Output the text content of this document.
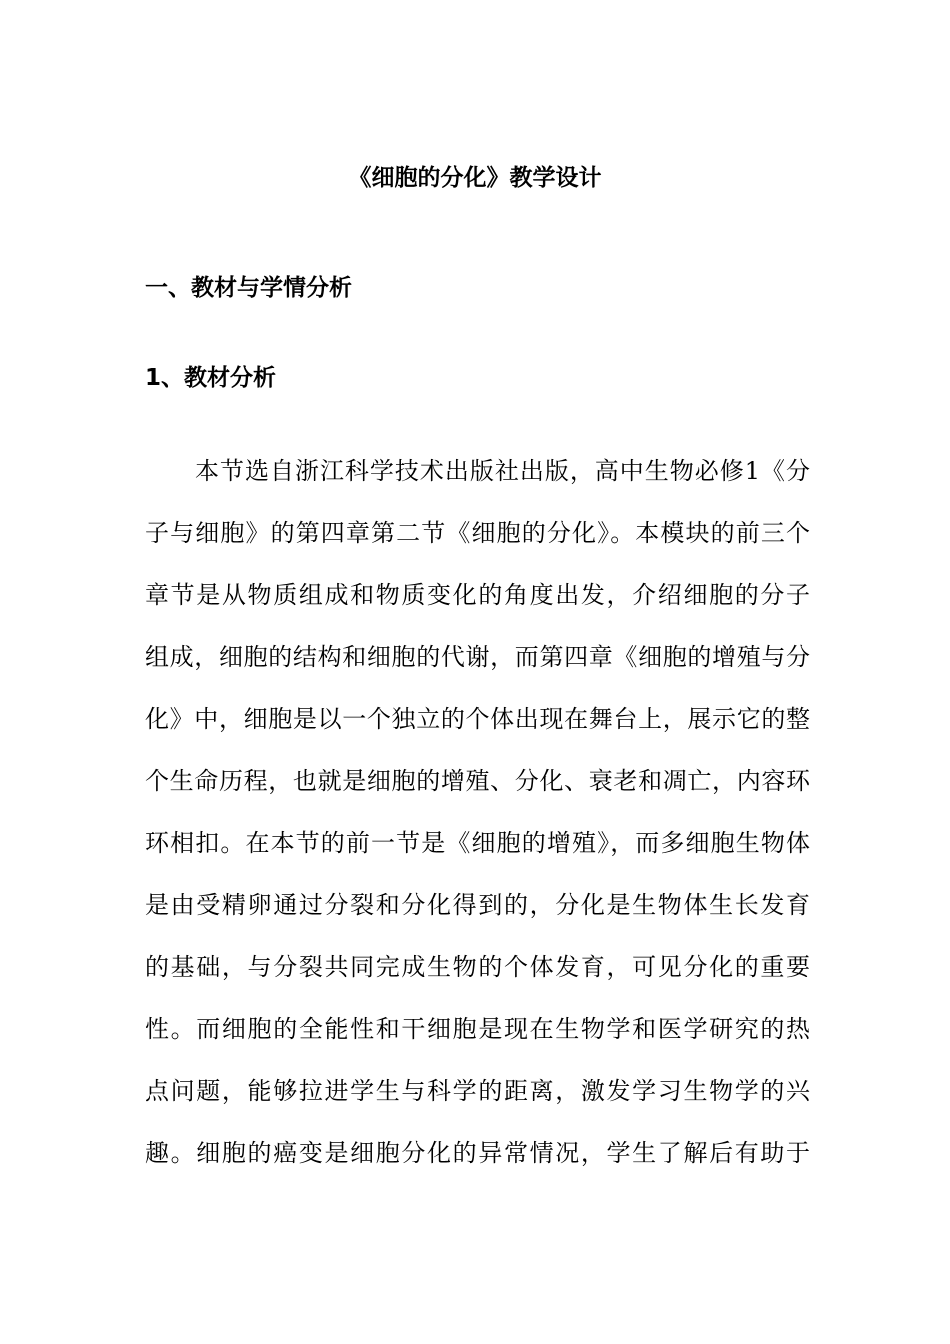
《细胞的分化》教学设计
一、教材与学情分析
1、教材分析
本节选自浙江科学技术出版社出版，高中生物必修1《分
子与细胞》的第四章第二节《细胞的分化》。本模块的前三个
章节是从物质组成和物质变化的角度出发，介绍细胞的分子
组成，细胞的结构和细胞的代谢，而第四章《细胞的增殖与分
化》中，细胞是以一个独立的个体出现在舞台上，展示它的整
个生命历程，也就是细胞的增殖、分化、衰老和凋亡，内容环
环相扣。在本节的前一节是《细胞的增殖》，而多细胞生物体
是由受精卵通过分裂和分化得到的，分化是生物体生长发育
的基础，与分裂共同完成生物的个体发育，可见分化的重要
性。而细胞的全能性和干细胞是现在生物学和医学研究的热
点问题，能够拉进学生与科学的距离，激发学习生物学的兴
趣。细胞的癌变是细胞分化的异常情况，学生了解后有助于
